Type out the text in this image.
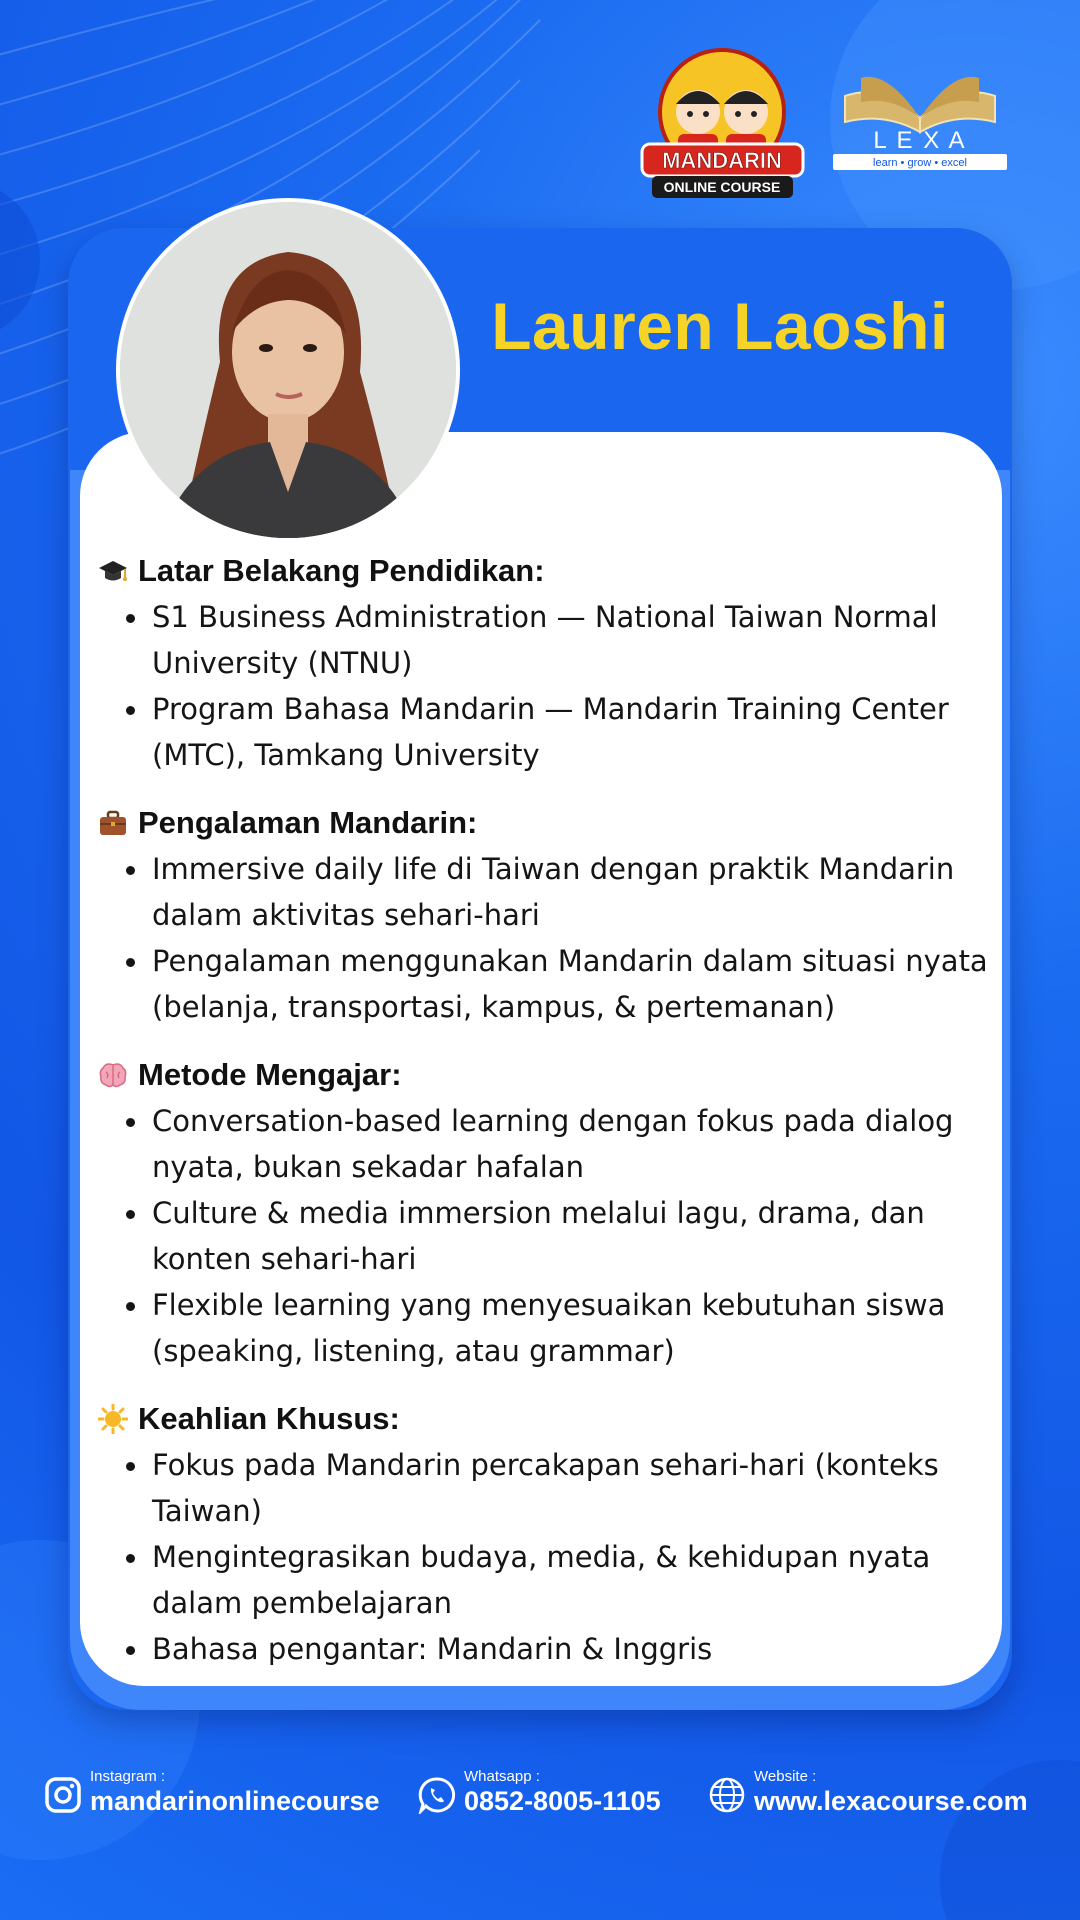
MANDARIN
ONLINE COURSE
L E X A
learn • grow • excel
Lauren Laoshi
Latar Belakang Pendidikan:
S1 Business Administration — National Taiwan Normal University (NTNU)
Program Bahasa Mandarin — Mandarin Training Center (MTC), Tamkang University
Pengalaman Mandarin:
Immersive daily life di Taiwan dengan praktik Mandarin dalam aktivitas sehari-hari
Pengalaman menggunakan Mandarin dalam situasi nyata (belanja, transportasi, kampus, & pertemanan)
Metode Mengajar:
Conversation-based learning dengan fokus pada dialog nyata, bukan sekadar hafalan
Culture & media immersion melalui lagu, drama, dan konten sehari-hari
Flexible learning yang menyesuaikan kebutuhan siswa (speaking, listening, atau grammar)
Keahlian Khusus:
Fokus pada Mandarin percakapan sehari-hari (konteks Taiwan)
Mengintegrasikan budaya, media, & kehidupan nyata dalam pembelajaran
Bahasa pengantar: Mandarin & Inggris
Instagram :
mandarinonlinecourse
Whatsapp :
0852-8005-1105
Website :
www.lexacourse.com
